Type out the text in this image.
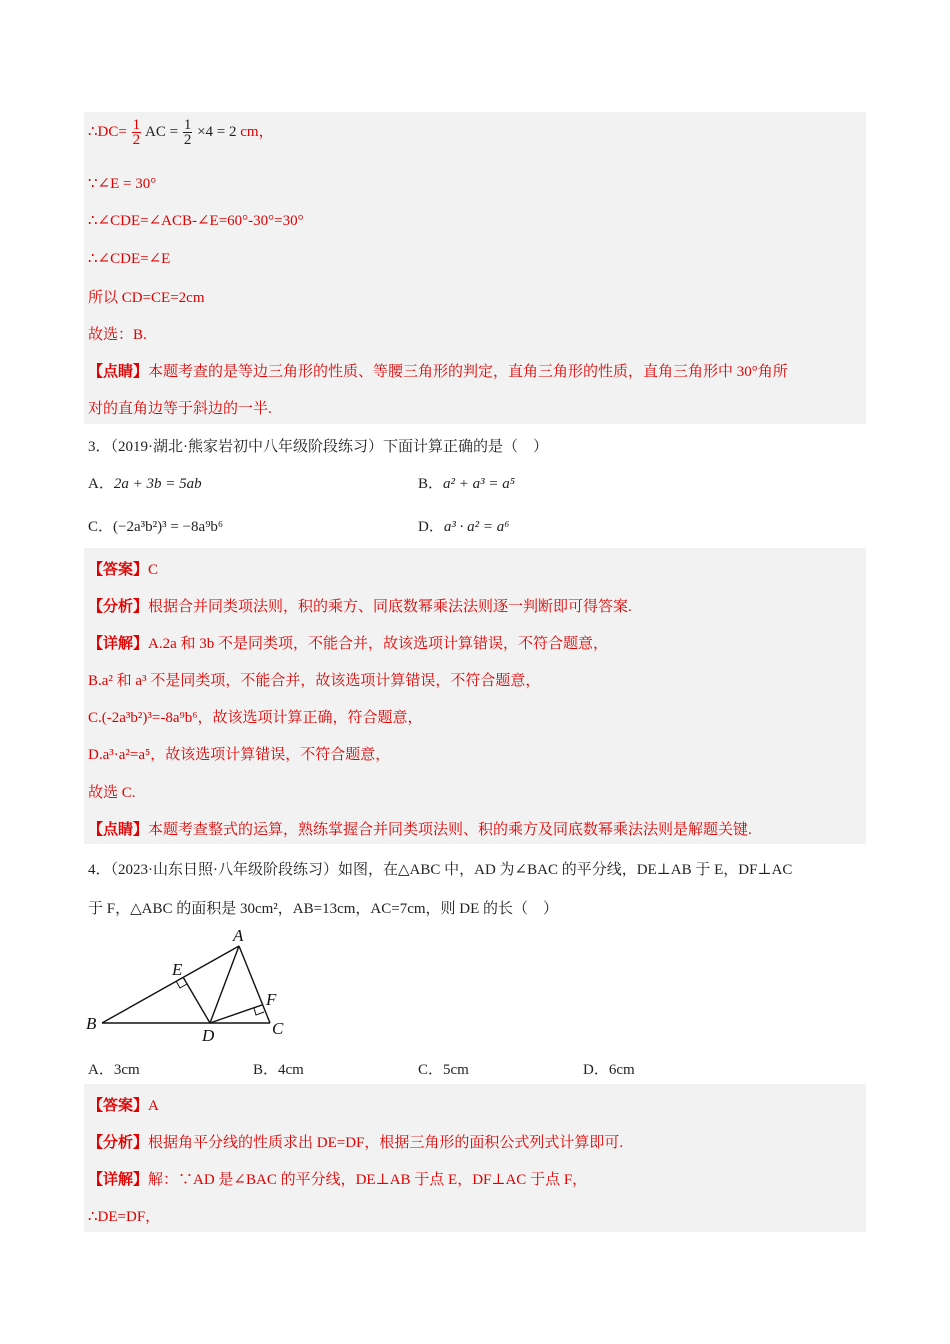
∴DC= $\frac{1}{2}$ AC = $\frac{1}{2} \times 4 = 2$ cm，
∵∠E = 30°
∴∠CDE=∠ACB-∠E=60°-30°=30°
∴∠CDE=∠E
所以 CD=CE=2cm
故选：B.
【点睛】本题考查的是等边三角形的性质、等腰三角形的判定，直角三角形的性质，直角三角形中 30°角所
对的直角边等于斜边的一半.
3．（2019·湖北·熊家岩初中八年级阶段练习）下面计算正确的是（　）
A．2a + 3b = 5ab	B．a² + a³ = a⁵
C．(−2a³b²)³ = −8a⁹b⁶	D．a³ · a² = a⁶
【答案】C
【分析】根据合并同类项法则，积的乘方、同底数幂乘法法则逐一判断即可得答案.
【详解】A.2a 和 3b 不是同类项，不能合并，故该选项计算错误，不符合题意，
B.a² 和 a³ 不是同类项，不能合并，故该选项计算错误，不符合题意，
C.(-2a³b²)³=-8a⁹b⁶，故该选项计算正确，符合题意，
D.a³·a²=a⁵，故该选项计算错误，不符合题意，
故选 C.
【点睛】本题考查整式的运算，熟练掌握合并同类项法则、积的乘方及同底数幂乘法法则是解题关键.
4．（2023·山东日照·八年级阶段练习）如图，在△ABC 中，AD 为∠BAC 的平分线，DE⊥AB 于 E，DF⊥AC
于 F，△ABC 的面积是 30cm²，AB=13cm，AC=7cm，则 DE 的长（　）
A
B	C
D
E
F
A．3cm	B．4cm	C．5cm	D．6cm
【答案】A
【分析】根据角平分线的性质求出 DE=DF，根据三角形的面积公式列式计算即可.
【详解】解：∵AD 是∠BAC 的平分线，DE⊥AB 于点 E，DF⊥AC 于点 F，
∴DE=DF，
